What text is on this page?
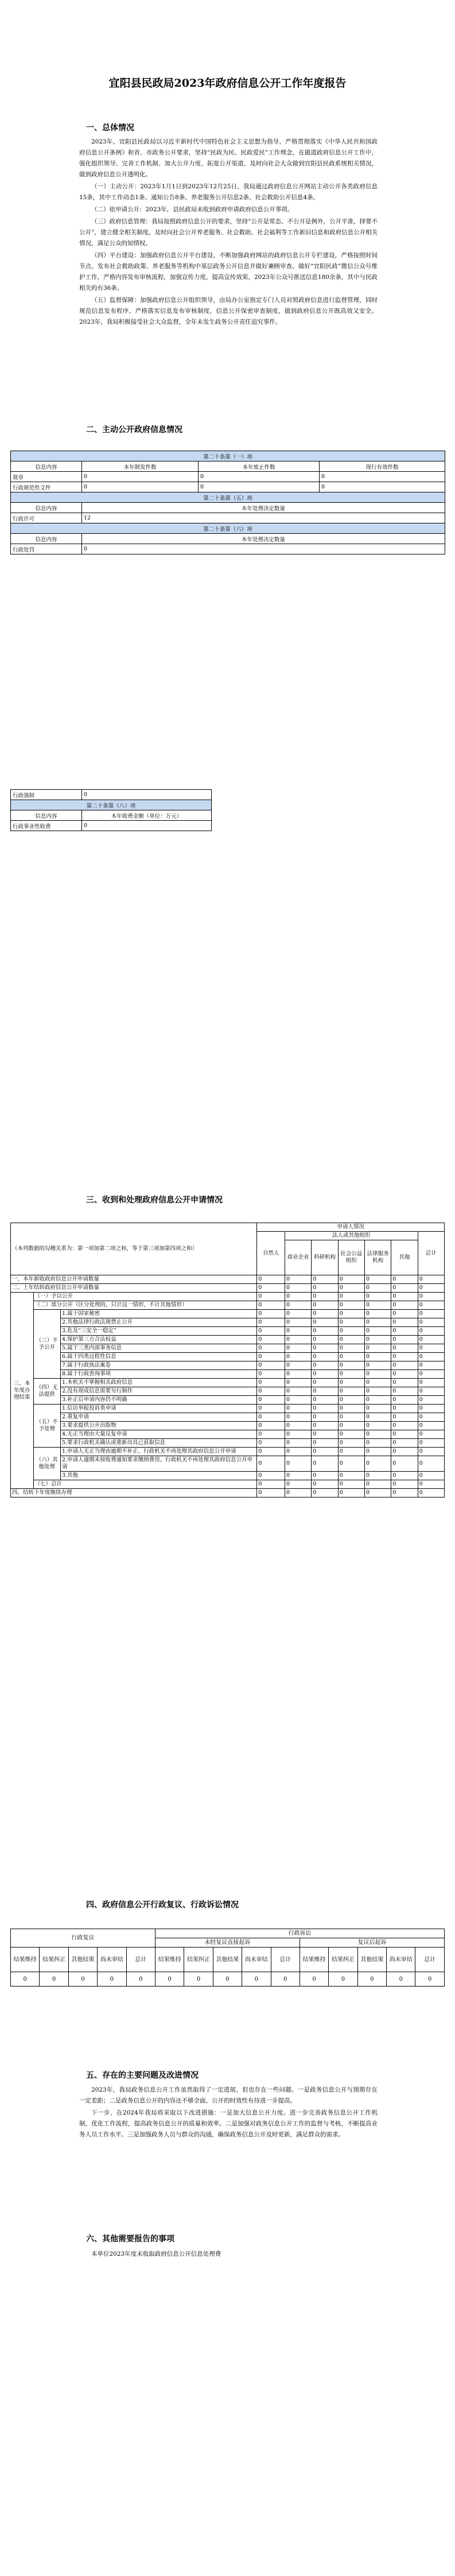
宜阳县民政局2023年政府信息公开工作年度报告
一、总体情况

2023年，宜阳县民政局以习近平新时代中国特色社会主义思想为指导，严格贯彻落实《中华人民共和国政府信息公开条例》和省、市政务公开要求，坚持“民政为民、民政爱民”工作理念，在做道政府信息公开工作中，强化组织领导、完善工作机制、加大公开力度，拓宽公开渠道，及时向社会大众做到宜阳县民政系统相关情况，做到政府信息公开透明化。

（一）主动公开：2023年1月1日到2023年12月25日，我局通过政府信息公开网站主动公开各类政府信息15条，其中工作动态1条、通知公告8条、养老服务公开信息2条、社会救助公开信息4条。

（二）依申请公开：2023年，县民政局未收到政府申请政府信息公开事项。

（三）政府信息管理：我局按照政府信息公开的要求，坚持“公开是常态、不公开是例外，公开平准，择要不公开”，建立健全相关制度。及时向社会公开养老服务、社会救助、社会福利等工作新旧信息和政府信息公开相关情况，满足公众的知情权。

（四）平台建设：加强政府信息公开平台建设，不断加强政府网站的政府信息公开专栏建设，严格按照时间节点，发布社会救助政策、养老服务等机构中基层政务公开信息并做好兼顾审查。做好“宜阳民政”微信公众号维护工作，严格内容发布审核流程，加强宣传力度，提高宣传效果，2023年公众号推送信息180余条，其中与民政相关的有36条。

（五）监督保障：加强政府信息公开组织领导，由局办公室指定专门人员对照政府信息进行监督管理，同时规范信息发布程序，严格落实信息发布审核制度，信息公开保密审查制度，做到政府信息公开既高效又安全。2023年，我局积极接受社会大众监督，全年未发生政务公开责任追究事件。

二、主动公开政府信息情况
第二十条第（一）项			
信息内容	本年制发件数	本年废止件数	现行有效件数
规章	0	0	0
行政规范性文件	0	0	0
第二十条第（五）项			
信息内容	本年处理决定数量		
行政许可	12		
第二十条第（六）项			
信息内容	本年处理决定数量		
行政处罚	0		
行政强制	0
第二十条第（八）项	
信息内容	本年收费金额（单位：万元）
行政事业性收费	0
三、收到和处理政府信息公开申请情况
（本列数据的勾稽关系为：第一项加第二项之和，等于第三项加第四项之和）			申请人情况						
			自然人	法人或其他组织					总计
				商业企业	科研机构	社会公益组织	法律服务机构	其他	
一、本年新收政府信息公开申请数量			0	0	0	0	0	0	0
二、上年结转政府信息公开申请数量			0	0	0	0	0	0	0
三、本年度办理结果	（一）予以公开		0	0	0	0	0	0	0
	（二）部分公开（区分处理的，只计这一情形，不计其他情形）		0	0	0	0	0	0	0
	（三）不予公开	1.属于国家秘密	0	0	0	0	0	0	0
		2.其他法律行政法规禁止公开	0	0	0	0	0	0	0
		3.危及“三安全一稳定”	0	0	0	0	0	0	0
		4.保护第三方合法权益	0	0	0	0	0	0	0
		5.属于三类内部事务信息	0	0	0	0	0	0	0
		6.属于四类过程性信息	0	0	0	0	0	0	0
		7.属于行政执法案卷	0	0	0	0	0	0	0
		8.属于行政查询事项	0	0	0	0	0	0	0
	（四）无法提供	1.本机关不掌握相关政府信息	0	0	0	0	0	0	0
		2.没有现成信息需要另行制作	0	0	0	0	0	0	0
		3.补正后申请内容仍不明确	0	0	0	0	0	0	0
	（五）不予处理	1.信访举报投诉类申请	0	0	0	0	0	0	0
		2.重复申请	0	0	0	0	0	0	0
		3.要求提供公开出版物	0	0	0	0	0	0	0
		4.无正当理由大量反复申请	0	0	0	0	0	0	0
		5.要求行政机关确认或重新出具已获取信息	0	0	0	0	0	0	0
	（六）其他处理	1.申请人无正当理由逾期不补正、行政机关不再处理其政府信息公开申请	0	0	0	0	0	0	0
		2.申请人逾期未按收费通知要求缴纳费用、行政机关不再处理其政府信息公开申请	0	0	0	0	0	0	0
		3.其他	0	0	0	0	0	0	0
	（七）总计		0	0	0	0	0	0	0
四、结转下年度继续办理			0	0	0	0	0	0	0
四、政府信息公开行政复议、行政诉讼情况
行政复议					行政诉讼									
					未经复议直接起诉					复议后起诉				
结果维持	结果纠正	其他结果	尚未审结	总计	结果维持	结果纠正	其他结果	尚未审结	总计	结果维持	结果纠正	其他结果	尚未审结	总计
0	0	0	0	0	0	0	0	0	0	0	0	0	0	0
五、存在的主要问题及改进情况

2023年，我局政务信息公开工作虽然取得了一定进展，但也存在一些问题。一是政务信息公开与预期存在一定差距；二是政务信息公开的内容还不够全面，公开的时效性有待进一步提高。

下一步，在2024年我局将采取以下改进措施：一是加大信息公开力度。进一步完善政务信息公开工作机制，优化工作流程，提高政务信息公开的质量和效率。二是加强对政务信息公开工作的监督与考核，不断提高业务人员工作水平。三是加强政务人员与群众的沟通，确保政务信息公开及时更新，满足群众的需求。

六、其他需要报告的事项
本单位2023年度未收取政府信息公开信息处理费
